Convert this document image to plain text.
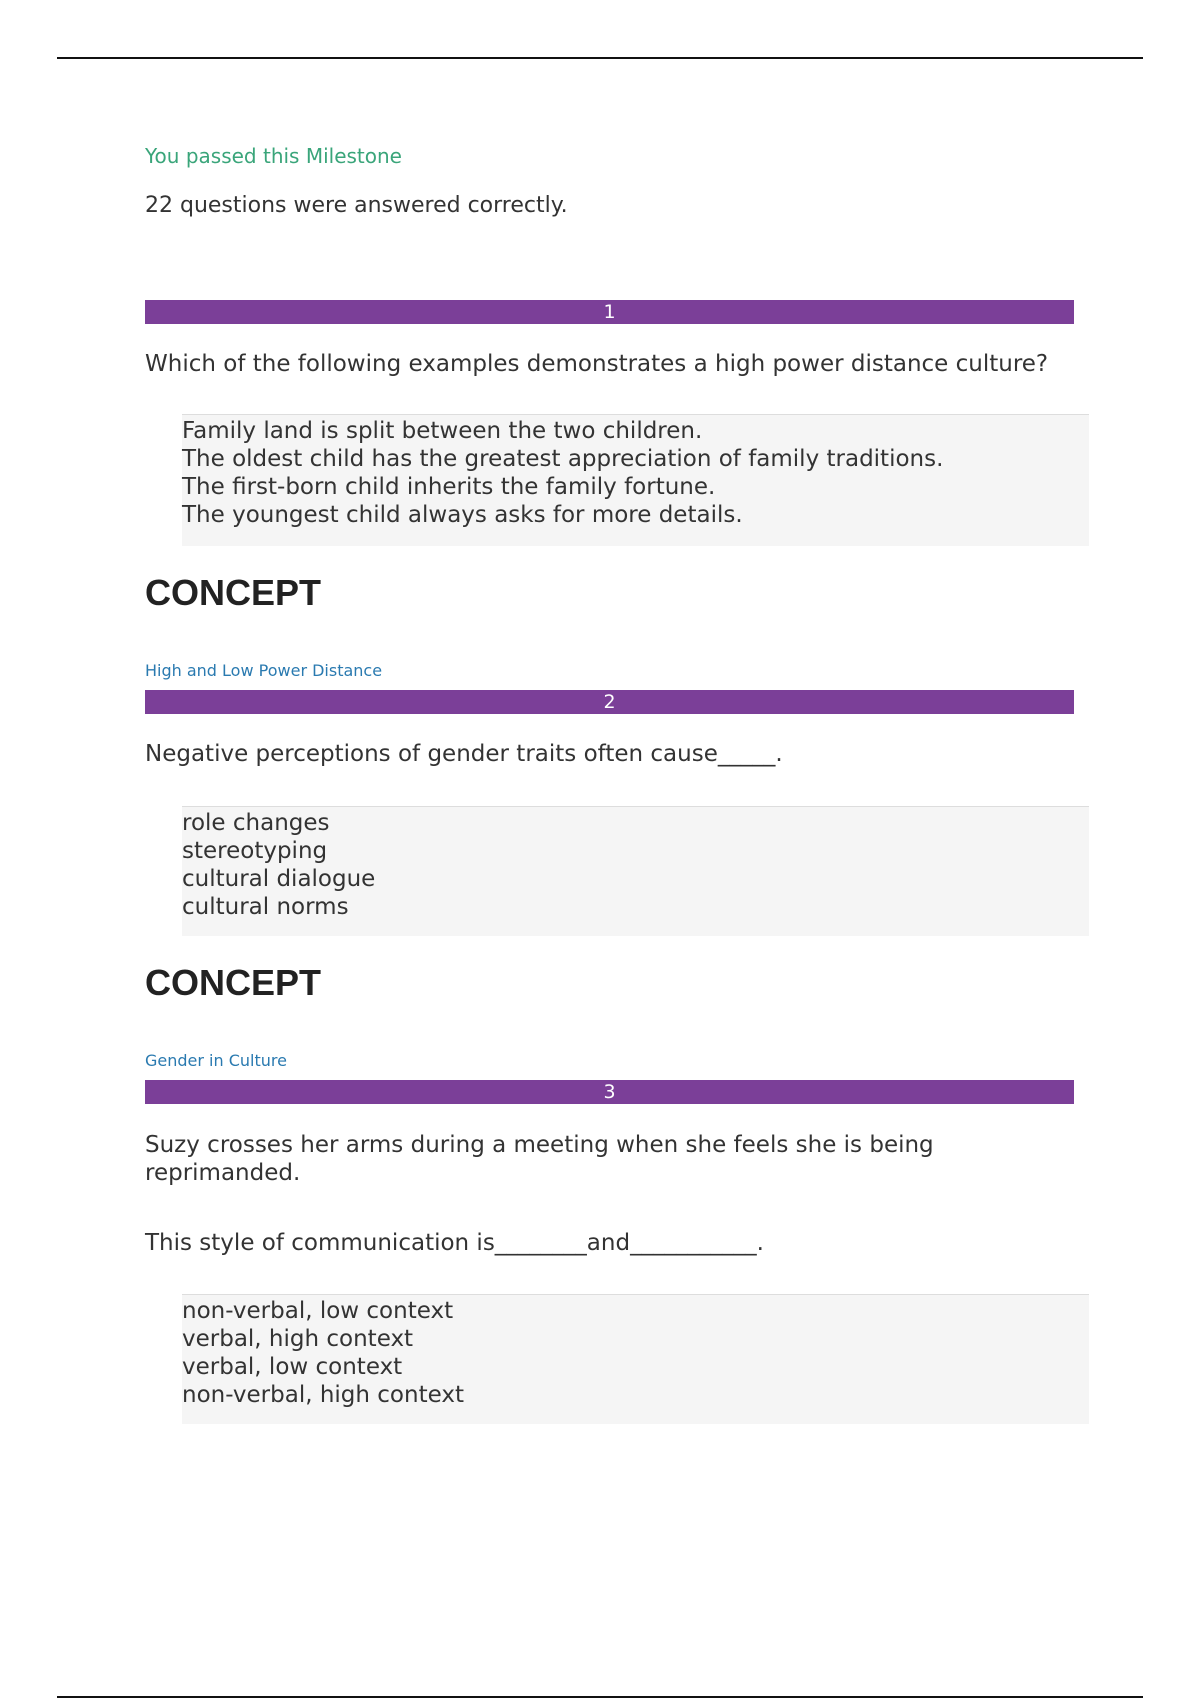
You passed this Milestone
22 questions were answered correctly.
1
Which of the following examples demonstrates a high power distance culture?
Family land is split between the two children.
The oldest child has the greatest appreciation of family traditions.
The first-born child inherits the family fortune.
The youngest child always asks for more details.
CONCEPT
High and Low Power Distance
2
Negative perceptions of gender traits often cause_____.
role changes
stereotyping
cultural dialogue
cultural norms
CONCEPT
Gender in Culture
3
Suzy crosses her arms during a meeting when she feels she is being reprimanded.
This style of communication is________and___________.
non-verbal, low context
verbal, high context
verbal, low context
non-verbal, high context
